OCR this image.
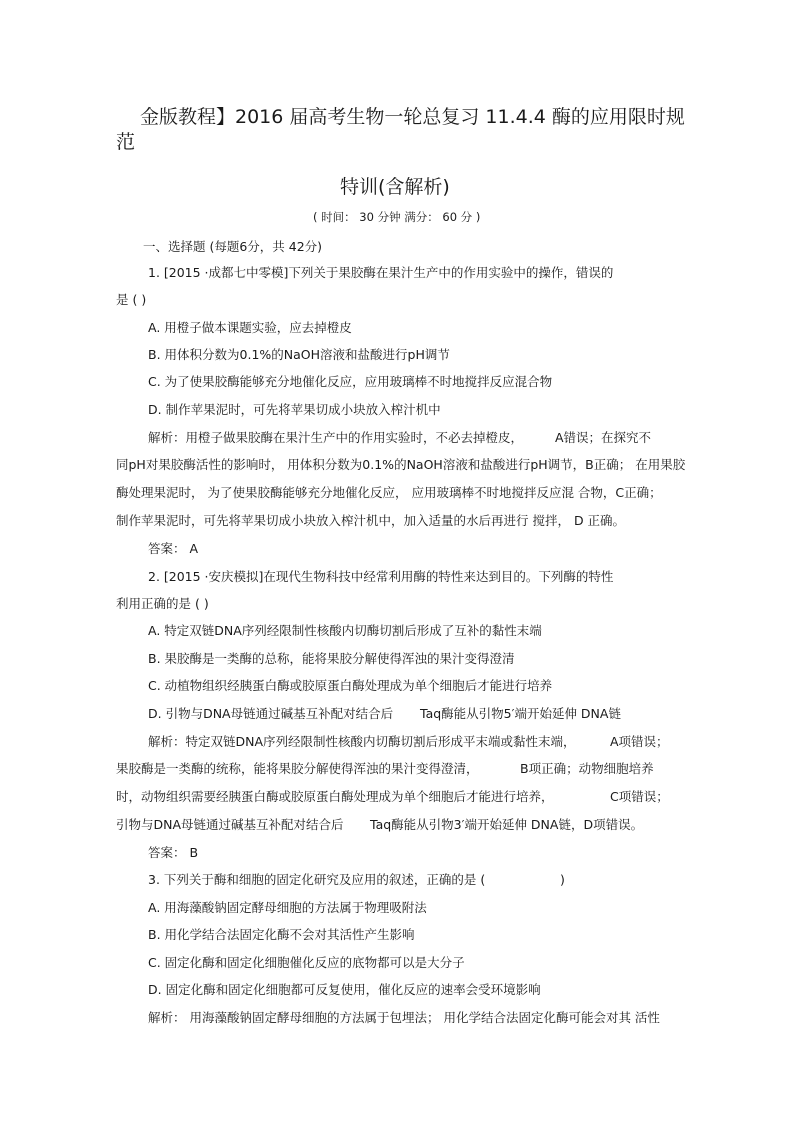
金版教程】2016 届高考生物一轮总复习 11.4.4 酶的应用限时规
范
特训(含解析)
( 时间： 30 分钟 满分： 60 分 )
一、选择题 (每题6分，共 42分)
1. [2015 ·成都七中零模]下列关于果胶酶在果汁生产中的作用实验中的操作，错误的
是 ( )
A. 用橙子做本课题实验，应去掉橙皮
B. 用体积分数为0.1%的NaOH溶液和盐酸进行pH调节
C. 为了使果胶酶能够充分地催化反应，应用玻璃棒不时地搅拌反应混合物
D. 制作苹果泥时，可先将苹果切成小块放入榨汁机中
解析：用橙子做果胶酶在果汁生产中的作用实验时，不必去掉橙皮，	A错误；在探究不
同pH对果胶酶活性的影响时， 用体积分数为0.1%的NaOH溶液和盐酸进行pH调节，B正确； 在用果胶
酶处理果泥时， 为了使果胶酶能够充分地催化反应， 应用玻璃棒不时地搅拌反应混 合物，C正确；
制作苹果泥时，可先将苹果切成小块放入榨汁机中，加入适量的水后再进行 搅拌， D 正确。
答案： A
2. [2015 ·安庆模拟]在现代生物科技中经常利用酶的特性来达到目的。下列酶的特性
利用正确的是 ( )
A. 特定双链DNA序列经限制性核酸内切酶切割后形成了互补的黏性末端
B. 果胶酶是一类酶的总称，能将果胶分解使得浑浊的果汁变得澄清
C. 动植物组织经胰蛋白酶或胶原蛋白酶处理成为单个细胞后才能进行培养
D. 引物与DNA母链通过碱基互补配对结合后 Taq酶能从引物5′端开始延伸 DNA链
解析：特定双链DNA序列经限制性核酸内切酶切割后形成平末端或黏性末端，	A项错误；
果胶酶是一类酶的统称，能将果胶分解使得浑浊的果汁变得澄清，	B项正确；动物细胞培养
时，动物组织需要经胰蛋白酶或胶原蛋白酶处理成为单个细胞后才能进行培养，	C项错误；
引物与DNA母链通过碱基互补配对结合后 Taq酶能从引物3′端开始延伸 DNA链，D项错误。
答案： B
3. 下列关于酶和细胞的固定化研究及应用的叙述，正确的是 (	)
A. 用海藻酸钠固定酵母细胞的方法属于物理吸附法
B. 用化学结合法固定化酶不会对其活性产生影响
C. 固定化酶和固定化细胞催化反应的底物都可以是大分子
D. 固定化酶和固定化细胞都可反复使用，催化反应的速率会受环境影响
解析： 用海藻酸钠固定酵母细胞的方法属于包埋法； 用化学结合法固定化酶可能会对其 活性
